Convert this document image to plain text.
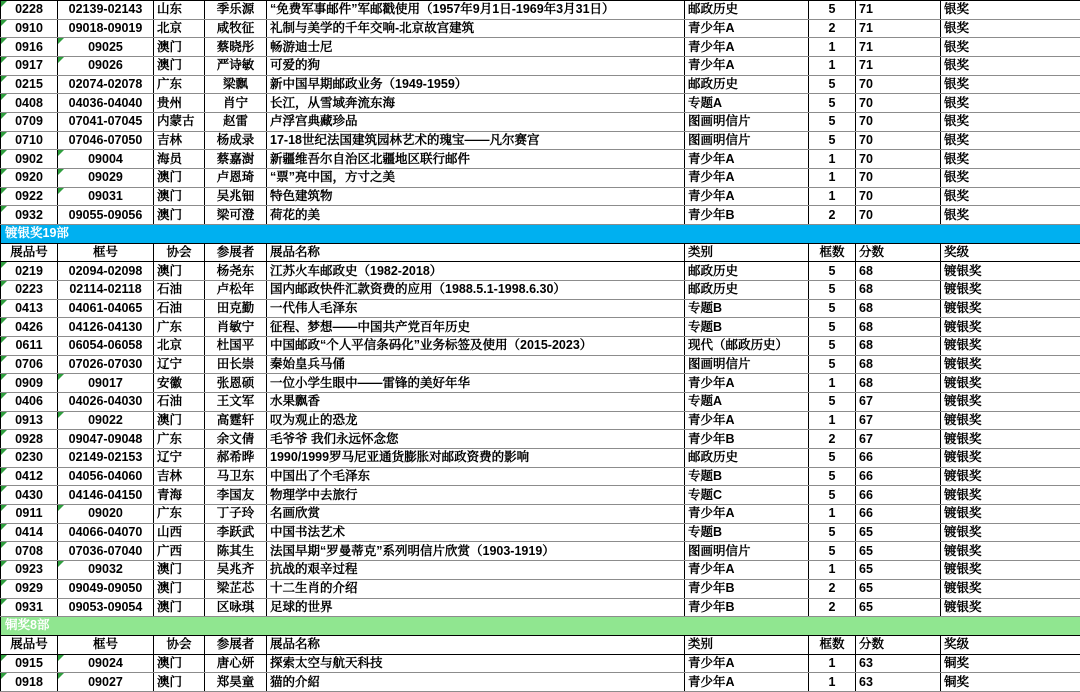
0228	02139-02143	山东	季乐源	“免费军事邮件”军邮戳使用（1957年9月1日-1969年3月31日）	邮政历史	5	71	银奖

0910	09018-09019	北京	咸牧征	礼制与美学的千年交响-北京故宫建筑	青少年A	2	71	银奖

0916	09025	澳门	蔡晓彤	畅游迪士尼	青少年A	1	71	银奖

0917	09026	澳门	严诗敏	可爱的狗	青少年A	1	71	银奖

0215	02074-02078	广东	梁飘	新中国早期邮政业务（1949-1959）	邮政历史	5	70	银奖

0408	04036-04040	贵州	肖宁	长江，从雪域奔流东海	专题A	5	70	银奖

0709	07041-07045	内蒙古	赵雷	卢浮宫典藏珍品	图画明信片	5	70	银奖

0710	07046-07050	吉林	杨成录	17-18世纪法国建筑园林艺术的瑰宝——凡尔赛宫	图画明信片	5	70	银奖

0902	09004	海员	蔡嘉澍	新疆维吾尔自治区北疆地区联行邮件	青少年A	1	70	银奖

0920	09029	澳门	卢恩琦	“票”亮中国，方寸之美	青少年A	1	70	银奖

0922	09031	澳门	吴兆钿	特色建筑物	青少年A	1	70	银奖

0932	09055-09056	澳门	梁可澄	荷花的美	青少年B	2	70	银奖
镀银奖19部								
展品号	框号	协会	参展者	展品名称	类别	框数	分数	奖级

0219	02094-02098	澳门	杨尧东	江苏火车邮政史（1982-2018）	邮政历史	5	68	镀银奖

0223	02114-02118	石油	卢松年	国内邮政快件汇款资费的应用（1988.5.1-1998.6.30）	邮政历史	5	68	镀银奖

0413	04061-04065	石油	田克勤	一代伟人毛泽东	专题B	5	68	镀银奖

0426	04126-04130	广东	肖敏宁	征程、梦想——中国共产党百年历史	专题B	5	68	镀银奖

0611	06054-06058	北京	杜国平	中国邮政“个人平信条码化”业务标签及使用（2015-2023）	现代（邮政历史）	5	68	镀银奖

0706	07026-07030	辽宁	田长崇	秦始皇兵马俑	图画明信片	5	68	镀银奖

0909	09017	安徽	张恩硕	一位小学生眼中——雷锋的美好年华	青少年A	1	68	镀银奖

0406	04026-04030	石油	王文军	水果飘香	专题A	5	67	镀银奖

0913	09022	澳门	高霆轩	叹为观止的恐龙	青少年A	1	67	镀银奖

0928	09047-09048	广东	余文倩	毛爷爷 我们永远怀念您	青少年B	2	67	镀银奖

0230	02149-02153	辽宁	郝希晔	1990/1999罗马尼亚通货膨胀对邮政资费的影响	邮政历史	5	66	镀银奖

0412	04056-04060	吉林	马卫东	中国出了个毛泽东	专题B	5	66	镀银奖

0430	04146-04150	青海	李国友	物理学中去旅行	专题C	5	66	镀银奖

0911	09020	广东	丁子玲	名画欣赏	青少年A	1	66	镀银奖

0414	04066-04070	山西	李跃武	中国书法艺术	专题B	5	65	镀银奖

0708	07036-07040	广西	陈其生	法国早期“罗曼蒂克”系列明信片欣赏（1903-1919）	图画明信片	5	65	镀银奖

0923	09032	澳门	吴兆齐	抗战的艰辛过程	青少年A	1	65	镀银奖

0929	09049-09050	澳门	梁芷芯	十二生肖的介绍	青少年B	2	65	镀银奖

0931	09053-09054	澳门	区咏琪	足球的世界	青少年B	2	65	镀银奖
铜奖8部								
展品号	框号	协会	参展者	展品名称	类别	框数	分数	奖级

0915	09024	澳门	唐心妍	探索太空与航天科技	青少年A	1	63	铜奖

0918	09027	澳门	郑昊童	猫的介紹	青少年A	1	63	铜奖
